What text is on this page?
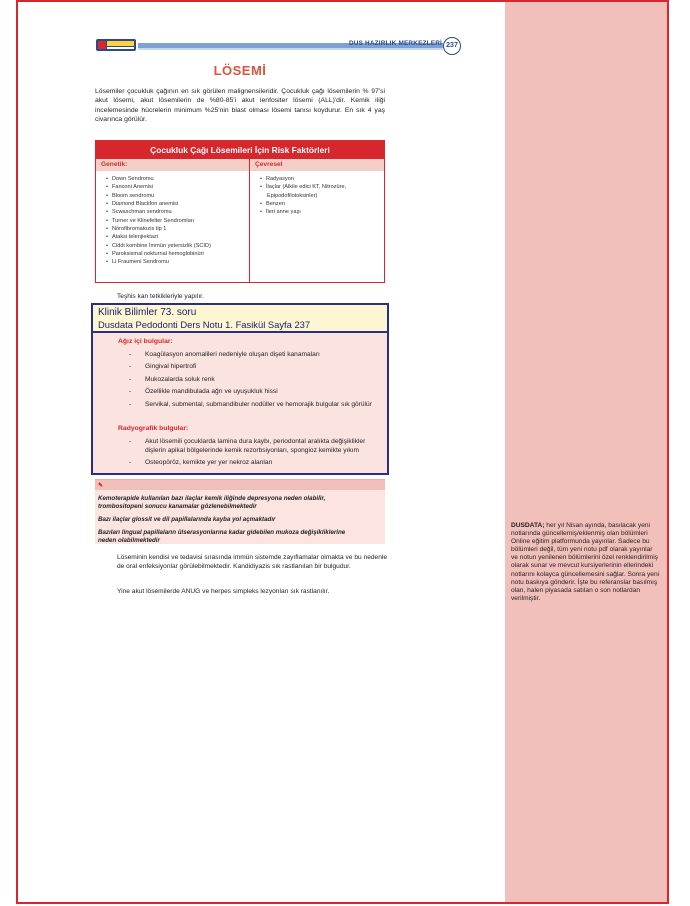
DUS HAZIRLIK MERKEZLERİ 237
LÖSEMİ
Lösemiler çocukluk çağının en sık görülen malignensileridir. Çocukluk çağı lösemilerin % 97'si akut lösemi, akut lösemilerin de %80-85'i akut lenfositer lösemi (ALL)'dir. Kemik iliği incelemesinde hücrelerin minimum %25'nin blast olması lösemi tanısı koydurur. En sık 4 yaş civarınca görülür.
Çocukluk Çağı Lösemileri İçin Risk Faktörleri
Genetik:	Çevresel
• Down Sendromu
• Fanconi Anemisi
• Bloom sendromu
• Diamond Blackfon anemisi
• Scwaschman sendromu
• Turner ve Klinefelter Sendromları
• Nörofibromatozis tip 1
• Ataksi telenjiektazi
• Ciddi kombine İmmün yetersizlik (SCID)
• Paroksismal nokturnal hemoglobinüri
• Li Fraumeni Sendromu
• Radyasyon
• İlaçlar (Alkile edici KT, Nitrozüre,
Epipodofilotoksinler)
• Benzen
• İleri anne yaşı
Teşhis kan tetkikleriyle yapılır.
Klinik Bilimler 73. soru
Dusdata Pedodonti Ders Notu 1. Fasikül Sayfa 237
Ağız içi bulgular:
- Koagülasyon anomalileri nedeniyle oluşan dişeti kanamaları
- Gingival hipertrofi
- Mukozalarda soluk renk
- Özellikle mandibulada ağrı ve uyuşukluk hissi
- Servikal, submental, submandibuler nodüller ve hemorajik bulgular sık görülür
Radyografik bulgular:
- Akut lösemili çocuklarda lamina dura kaybı, periodontal aralıkta değişiklikler dişlerin apikal bölgelerinde kemik rezorbsiyonları, spongioz kemikte yıkım
- Osteopöröz, kemikte yer yer nekroz alanları
✎
Kemoterapide kullanılan bazı ilaçlar kemik iliğinde depresyona neden olabilir,
trombositopeni sonucu kanamalar gözlenebilmektedir
Bazı ilaçlar glossit ve dil papillalarında kayba yol açmaktadır
Bazıları lingual papillaların ülserasyonlarına kadar gidebilen mukoza değişikliklerine
neden olabilmektedir
Löseminin kendisi ve tedavisi sırasında immün sistemde zayıflamalar olmakta ve bu nedenle de oral enfeksiyonlar görülebilmektedir. Kandidiyazis sık rastlanılan bir bulgudur.
Yine akut lösemilerde ANUG ve herpes simpleks lezyonları sık rastlanılır.
DUSDATA; her yıl Nisan ayında, basılacak yeni notlarında güncellemiş/eklenmiş olan bölümleri Online eğitim platformunda yayınlar. Sadece bu bölümleri değil, tüm yeni notu pdf olarak yayınlar ve notun yenilenen bölümlerini özel renklendirilmiş olarak sunar ve mevcut kursiyerlerinin ellerindeki notlarını kolayca güncellemesini sağlar. Sonra yeni notu baskıya gönderir. İşte bu referanslar basılmış olan, halen piyasada satılan o son notlardan verilmiştir.
